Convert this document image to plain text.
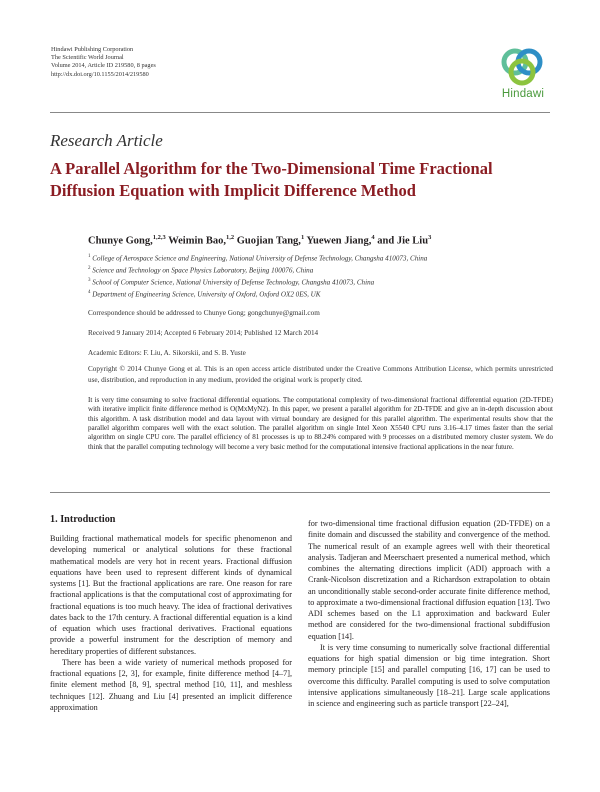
Hindawi Publishing Corporation
The Scientific World Journal
Volume 2014, Article ID 219580, 8 pages
http://dx.doi.org/10.1155/2014/219580
Hindawi
Research Article
A Parallel Algorithm for the Two-Dimensional Time Fractional Diffusion Equation with Implicit Difference Method
Chunye Gong,$^{1,2,3}$ Weimin Bao,$^{1,2}$ Guojian Tang,$^1$ Yuewen Jiang,$^4$ and Jie Liu$^3$
$^1$ College of Aerospace Science and Engineering, National University of Defense Technology, Changsha 410073, China
$^2$ Science and Technology on Space Physics Laboratory, Beijing 100076, China
$^3$ School of Computer Science, National University of Defense Technology, Changsha 410073, China
$^4$ Department of Engineering Science, University of Oxford, Oxford OX2 0ES, UK
Correspondence should be addressed to Chunye Gong; gongchunye@gmail.com
Received 9 January 2014; Accepted 6 February 2014; Published 12 March 2014
Academic Editors: F. Liu, A. Sikorskii, and S. B. Yuste
Copyright © 2014 Chunye Gong et al. This is an open access article distributed under the Creative Commons Attribution License, which permits unrestricted use, distribution, and reproduction in any medium, provided the original work is properly cited.
It is very time consuming to solve fractional differential equations. The computational complexity of two-dimensional fractional differential equation (2D-TFDE) with iterative implicit finite difference method is O(MxMyN2). In this paper, we present a parallel algorithm for 2D-TFDE and give an in-depth discussion about this algorithm. A task distribution model and data layout with virtual boundary are designed for this parallel algorithm. The experimental results show that the parallel algorithm compares well with the exact solution. The parallel algorithm on single Intel Xeon X5540 CPU runs 3.16–4.17 times faster than the serial algorithm on single CPU core. The parallel efficiency of 81 processes is up to 88.24% compared with 9 processes on a distributed memory cluster system. We do think that the parallel computing technology will become a very basic method for the computational intensive fractional applications in the near future.
1. Introduction

Building fractional mathematical models for specific phenomenon and developing numerical or analytical solutions for these fractional mathematical models are very hot in recent years. Fractional diffusion equations have been used to represent different kinds of dynamical systems [1]. But the fractional applications are rare. One reason for rare fractional applications is that the computational cost of approximating for fractional equations is too much heavy. The idea of fractional derivatives dates back to the 17th century. A fractional differential equation is a kind of equation which uses fractional derivatives. Fractional equations provide a powerful instrument for the description of memory and hereditary properties of different substances.

There has been a wide variety of numerical methods proposed for fractional equations [2, 3], for example, finite difference method [4–7], finite element method [8, 9], spectral method [10, 11], and meshless techniques [12]. Zhuang and Liu [4] presented an implicit difference approximation

for two-dimensional time fractional diffusion equation (2D-TFDE) on a finite domain and discussed the stability and convergence of the method. The numerical result of an example agrees well with their theoretical analysis. Tadjeran and Meerschaert presented a numerical method, which combines the alternating directions implicit (ADI) approach with a Crank-Nicolson discretization and a Richardson extrapolation to obtain an unconditionally stable second-order accurate finite difference method, to approximate a two-dimensional fractional diffusion equation [13]. Two ADI schemes based on the L1 approximation and backward Euler method are considered for the two-dimensional fractional subdiffusion equation [14].

It is very time consuming to numerically solve fractional differential equations for high spatial dimension or big time integration. Short memory principle [15] and parallel computing [16, 17] can be used to overcome this difficulty. Parallel computing is used to solve computation intensive applications simultaneously [18–21]. Large scale applications in science and engineering such as particle transport [22–24],
